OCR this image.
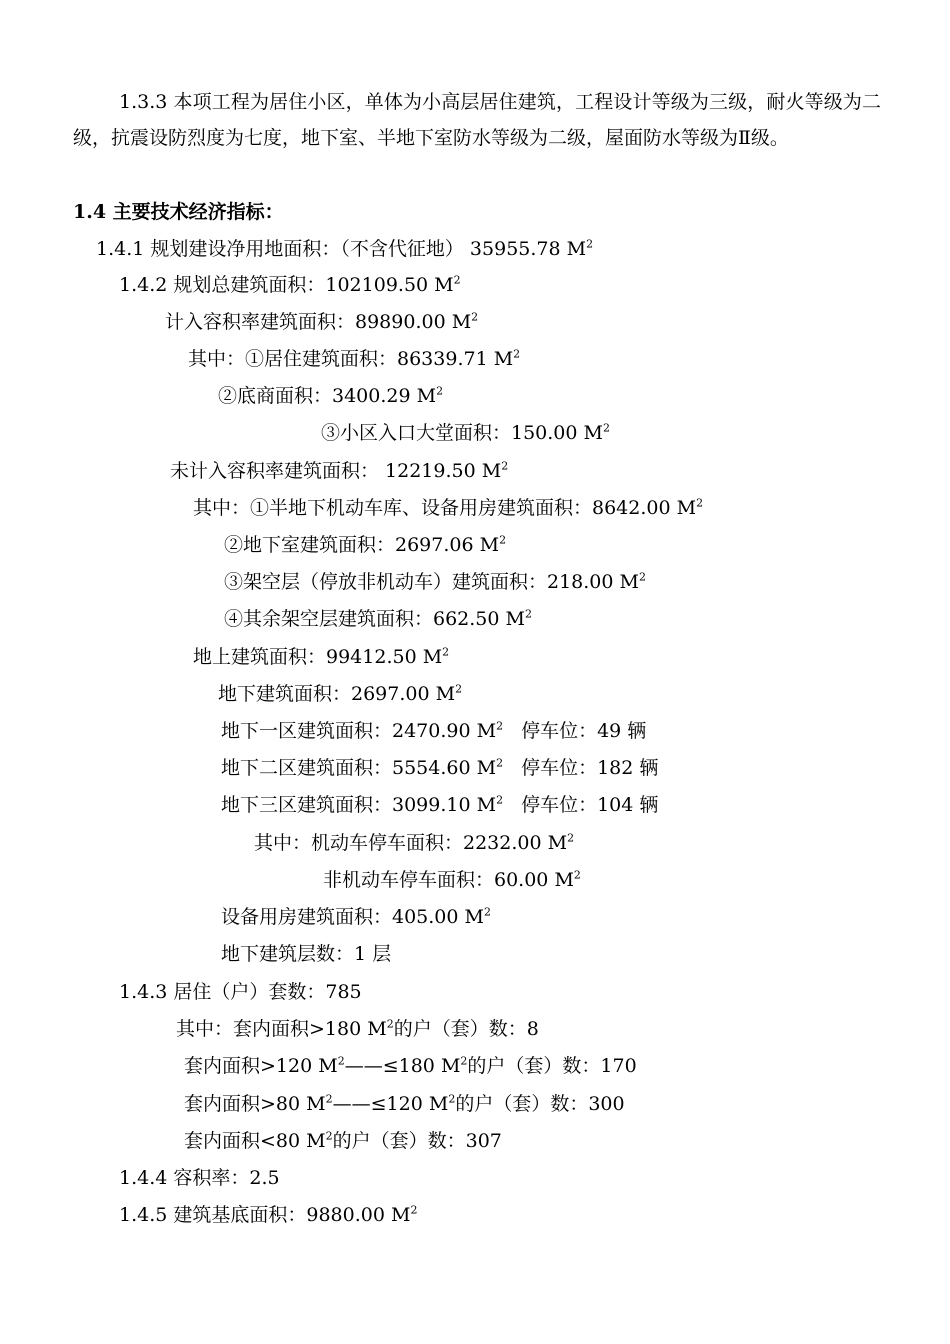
1.3.3 本项工程为居住小区，单体为小高层居住建筑，工程设计等级为三级，耐火等级为二级，抗震设防烈度为七度，地下室、半地下室防水等级为二级，屋面防水等级为Ⅱ级。

1.4 主要技术经济指标：

1.4.1 规划建设净用地面积：（不含代征地） 35955.78 $M^2$

1.4.2 规划总建筑面积：102109.50 $M^2$

计入容积率建筑面积：89890.00 $M^2$

其中：①居住建筑面积：86339.71 $M^2$

②底商面积：3400.29 $M^2$

③小区入口大堂面积：150.00 $M^2$

未计入容积率建筑面积： 12219.50 $M^2$

其中：①半地下机动车库、设备用房建筑面积：8642.00 $M^2$

②地下室建筑面积：2697.06 $M^2$

③架空层（停放非机动车）建筑面积：218.00 $M^2$

④其余架空层建筑面积：662.50 $M^2$

地上建筑面积：99412.50 $M^2$

地下建筑面积：2697.00 $M^2$

地下一区建筑面积：2470.90 $M^2$ 停车位：49 辆

地下二区建筑面积：5554.60 $M^2$ 停车位：182 辆

地下三区建筑面积：3099.10 $M^2$ 停车位：104 辆

其中：机动车停车面积：2232.00 $M^2$

非机动车停车面积：60.00 $M^2$

设备用房建筑面积：405.00 $M^2$

地下建筑层数：1 层

1.4.3 居住（户）套数：785

其中：套内面积>180 $M^2$的户（套）数：8

套内面积>120 $M^2——\le 180$ $M^2$的户（套）数：170

套内面积>80 $M^2——\le 120$ $M^2$的户（套）数：300

套内面积<80 $M^2$的户（套）数：307

1.4.4 容积率：2.5

1.4.5 建筑基底面积：9880.00 $M^2$
